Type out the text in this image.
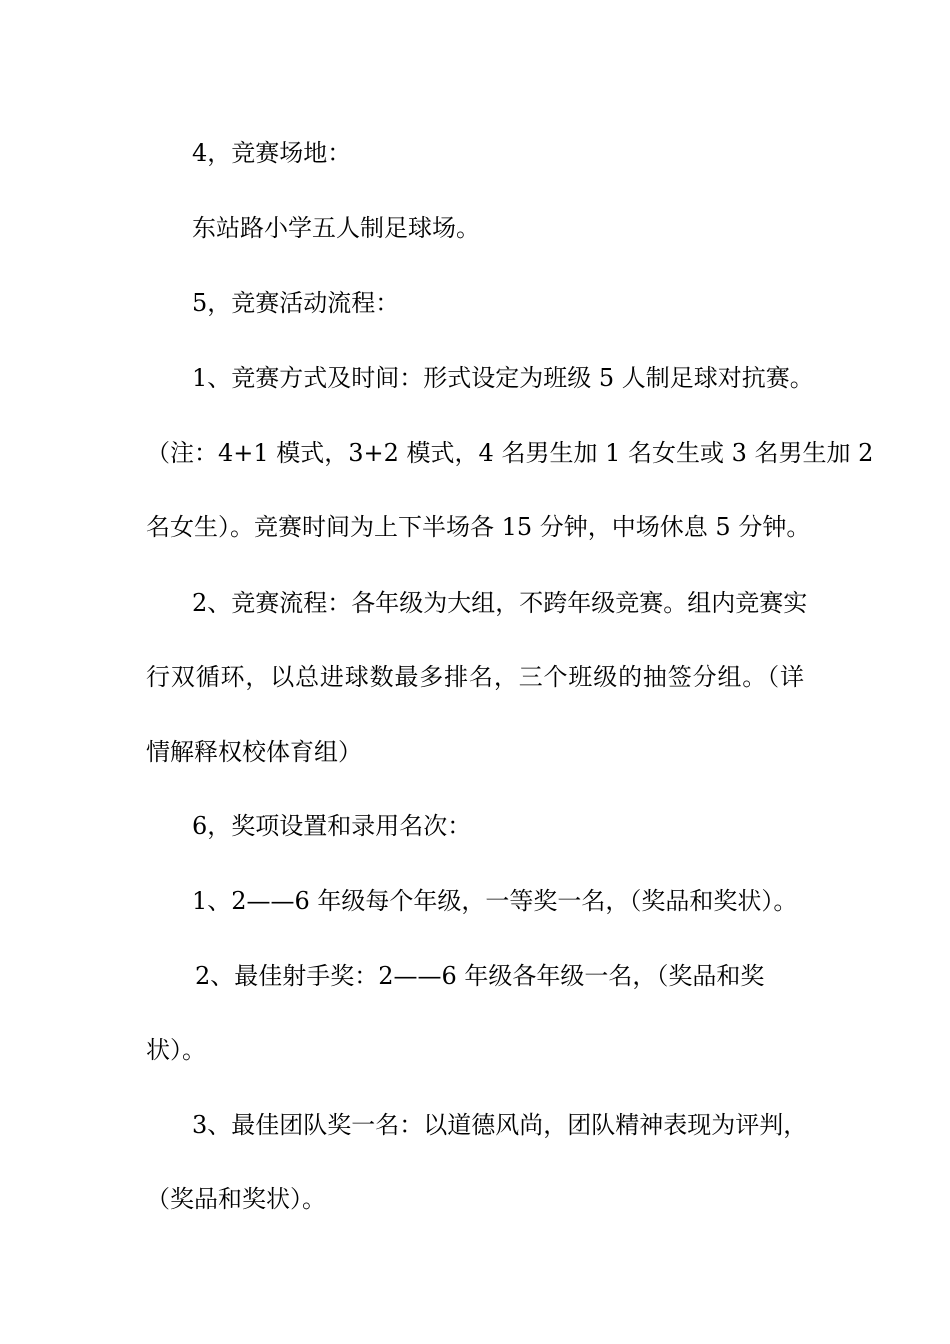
4，竞赛场地：
东站路小学五人制足球场。
5，竞赛活动流程：
1、竞赛方式及时间：形式设定为班级 5 人制足球对抗赛。
（注：4+1 模式，3+2 模式，4 名男生加 1 名女生或 3 名男生加 2
名女生）。竞赛时间为上下半场各 15 分钟，中场休息 5 分钟。
2、竞赛流程：各年级为大组，不跨年级竞赛。组内竞赛实
行双循环，以总进球数最多排名，三个班级的抽签分组。（详
情解释权校体育组）
6，奖项设置和录用名次：
1、2——6 年级每个年级，一等奖一名，（奖品和奖状）。
2、最佳射手奖：2——6 年级各年级一名，（奖品和奖
状）。
3、最佳团队奖一名：以道德风尚，团队精神表现为评判，
（奖品和奖状）。
